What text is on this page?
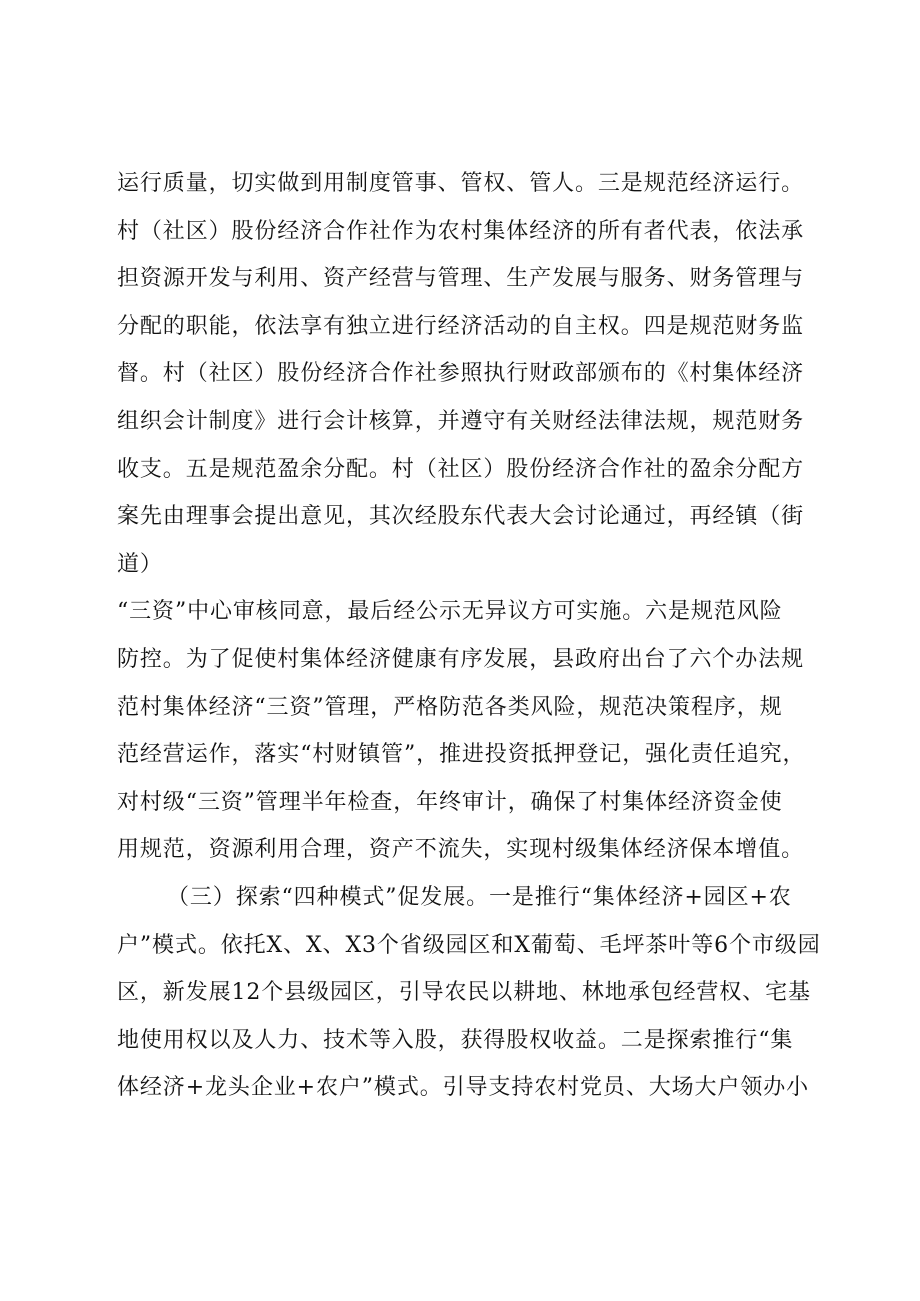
运行质量，切实做到用制度管事、管权、管人。三是规范经济运行。
村（社区）股份经济合作社作为农村集体经济的所有者代表，依法承
担资源开发与利用、资产经营与管理、生产发展与服务、财务管理与
分配的职能，依法享有独立进行经济活动的自主权。四是规范财务监
督。村（社区）股份经济合作社参照执行财政部颁布的《村集体经济
组织会计制度》进行会计核算，并遵守有关财经法律法规，规范财务
收支。五是规范盈余分配。村（社区）股份经济合作社的盈余分配方
案先由理事会提出意见，其次经股东代表大会讨论通过，再经镇（街
道）
“三资”中心审核同意，最后经公示无异议方可实施。六是规范风险
防控。为了促使村集体经济健康有序发展，县政府出台了六个办法规
范村集体经济“三资”管理，严格防范各类风险，规范决策程序，规
范经营运作，落实“村财镇管”，推进投资抵押登记，强化责任追究，
对村级“三资”管理半年检查，年终审计，确保了村集体经济资金使
用规范，资源利用合理，资产不流失，实现村级集体经济保本增值。
（三）探索“四种模式”促发展。一是推行“集体经济+园区+农
户”模式。依托X、X、X3个省级园区和X葡萄、毛坪茶叶等6个市级园
区，新发展12个县级园区，引导农民以耕地、林地承包经营权、宅基
地使用权以及人力、技术等入股，获得股权收益。二是探索推行“集
体经济+龙头企业+农户”模式。引导支持农村党员、大场大户领办小
